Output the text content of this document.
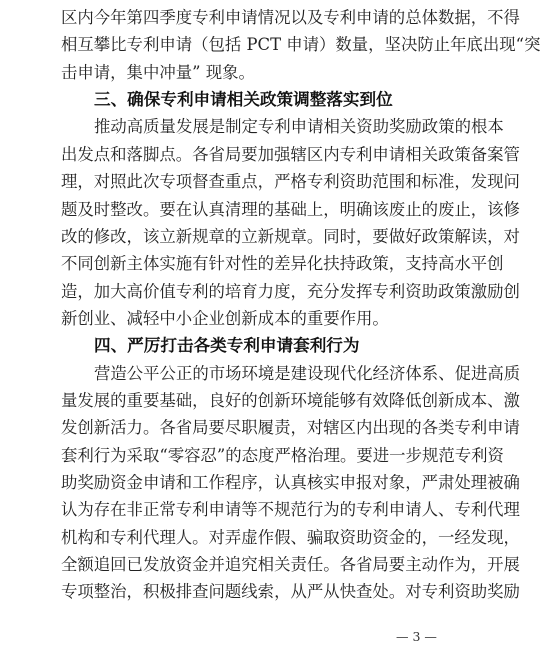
区内今年第四季度专利申请情况以及专利申请的总体数据，不得
相互攀比专利申请（包括 PCT 申请）数量，坚决防止年底出现“突
击申请，集中冲量” 现象。
三、确保专利申请相关政策调整落实到位
推动高质量发展是制定专利申请相关资助奖励政策的根本
出发点和落脚点。各省局要加强辖区内专利申请相关政策备案管
理，对照此次专项督查重点，严格专利资助范围和标准，发现问
题及时整改。要在认真清理的基础上，明确该废止的废止，该修
改的修改，该立新规章的立新规章。同时，要做好政策解读，对
不同创新主体实施有针对性的差异化扶持政策，支持高水平创
造，加大高价值专利的培育力度，充分发挥专利资助政策激励创
新创业、减轻中小企业创新成本的重要作用。
四、严厉打击各类专利申请套利行为
营造公平公正的市场环境是建设现代化经济体系、促进高质
量发展的重要基础，良好的创新环境能够有效降低创新成本、激
发创新活力。各省局要尽职履责，对辖区内出现的各类专利申请
套利行为采取“零容忍”的态度严格治理。要进一步规范专利资
助奖励资金申请和工作程序，认真核实申报对象，严肃处理被确
认为存在非正常专利申请等不规范行为的专利申请人、专利代理
机构和专利代理人。对弄虚作假、骗取资助资金的，一经发现，
全额追回已发放资金并追究相关责任。各省局要主动作为，开展
专项整治，积极排查问题线索，从严从快查处。对专利资助奖励
— 3 —
